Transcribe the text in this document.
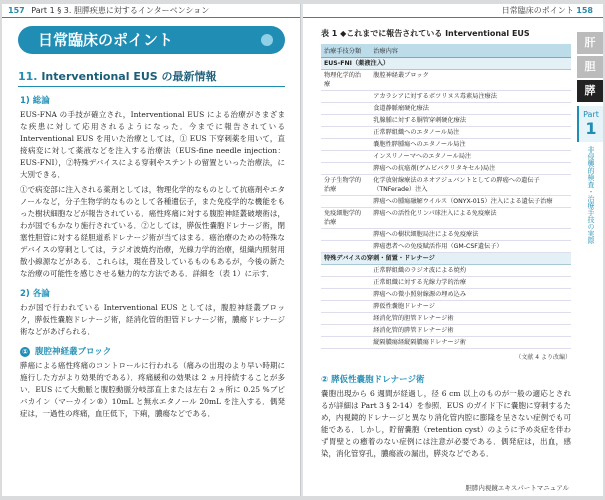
157 Part 1 § 3. 胆膵疾患に対するインターベンション
日常臨床のポイント
11. Interventional EUS の最新情報
1) 総論

EUS-FNA の手技が確立され，Interventional EUS による治療がさまざまな疾患に対して応用されるようになった．今までに報告されている Interventional EUS を用いた治療としては，① EUS 下穿刺薬を用いて，直接病変に対して薬液などを注入する治療法（EUS-fine needle injection：EUS-FNI），②特殊デバイスによる穿刺やステントの留置といった治療法，に大別できる．

①で病変部に注入される薬剤としては，物理化学的なものとして抗癌剤やエタノールなど，分子生物学的なものとして各種遺伝子，また免疫学的な機能をもった樹状細胞などが報告されている．癌性疼痛に対する腹腔神経叢破壊術は，わが国でもかなり施行されている．②としては，膵仮性嚢胞ドレナージ術，閉塞性胆管に対する経胆道系ドレナージ術が当てはまる．癌治療のための特殊なデバイスの穿刺としては，ラジオ波焼灼治療，光線力学的治療，組織内照射用散小線源などがある．これらは，現在普及しているものもあるが，今後の新たな治療の可能性を感じさせる魅力的な方法である．詳細を（表 1）に示す．

2) 各論

わが国で行われている Interventional EUS としては，腹腔神経叢ブロック，膵仮性嚢胞ドレナージ術，経消化管的胆管ドレナージ術，膿瘍ドレナージ術などがあげられる．

① 腹腔神経叢ブロック

膵癌による癌性疼痛のコントロールに行われる（痛みの出現のより早い時期に施行した方がより効果的である）．疼痛緩和の効果は 2 ヵ月持続することが多い．EUS にて大動脈と腹腔動脈分岐部直上または左右 2 ヵ所に 0.25 %ブピバカイン（マーカイン®）10mL と無水エタノール 20mL を注入する．偶発症は，一過性の疼痛，血圧低下，下痢，膿瘍などである．

日常臨床のポイント 158
肝
胆
膵
Part
1
非侵襲的検査・治療手技の実際
表 1 ◆これまでに報告されている Interventional EUS
治療手技分類	治療内容
EUS-FNI（薬液注入）	
物理化学的治療	腹腔神経叢ブロック
	アカラシアに対するボツリヌス毒素局注療法
	食道静脈瘤硬化療法
	乳腺腫に対する胴管穿刺硬化療法
	正常膵組織へのエタノール局注
	嚢胞性膵腫瘍へのエタノール局注
	インスリノーマへのエタノール局注
	膵癌への抗癌剤(ゲムビバクリタキセル)局注
分子生物学的治療	化学放射線療法のネオアジュバントとしての膵癌への遺伝子（TNFerade）注入
	膵癌への腫瘍融解ウイルス（ONYX-015）注入による遺伝子治療
免疫細胞学的治療	膵癌への活性化リンパ球注入による免疫療法
	膵癌への樹状細胞局注による免疫療法
	膵癌患者への免疫賦活作用（GM-CSF遺伝子）
特殊デバイスの穿刺・留置・ドレナージ	
	正常膵組織のラジオ波による焼灼
	正常組織に対する光線力学的治療
	膵癌への微小照射線源の埋め込み
	膵仮性嚢胞ドレナージ
	経消化管的胆管ドレナージ術
	経消化管的膵管ドレナージ術
	縦隔膿瘍経縦隔膿瘍ドレナージ術
（文献 4 より改編）
② 膵仮性嚢胞ドレナージ術

嚢胞出現から 6 週間が経過し，径 6 cm 以上のものが一般の適応とされるが詳細は Part 3 § 2-14）を参照．EUS のガイド下に嚢胞に穿刺するため，内視鏡的ドレナージと異なり消化管内腔に膨隆を呈さない症例でも可能である．しかし，貯留嚢胞（retention cyst）のように予め炎症を伴わず胃壁との癒着のない症例には注意が必要である．偶発症は，出血，感染，消化管穿孔，膿瘍液の漏出，膵炎などである．

胆膵内視鏡エキスパートマニュアル
